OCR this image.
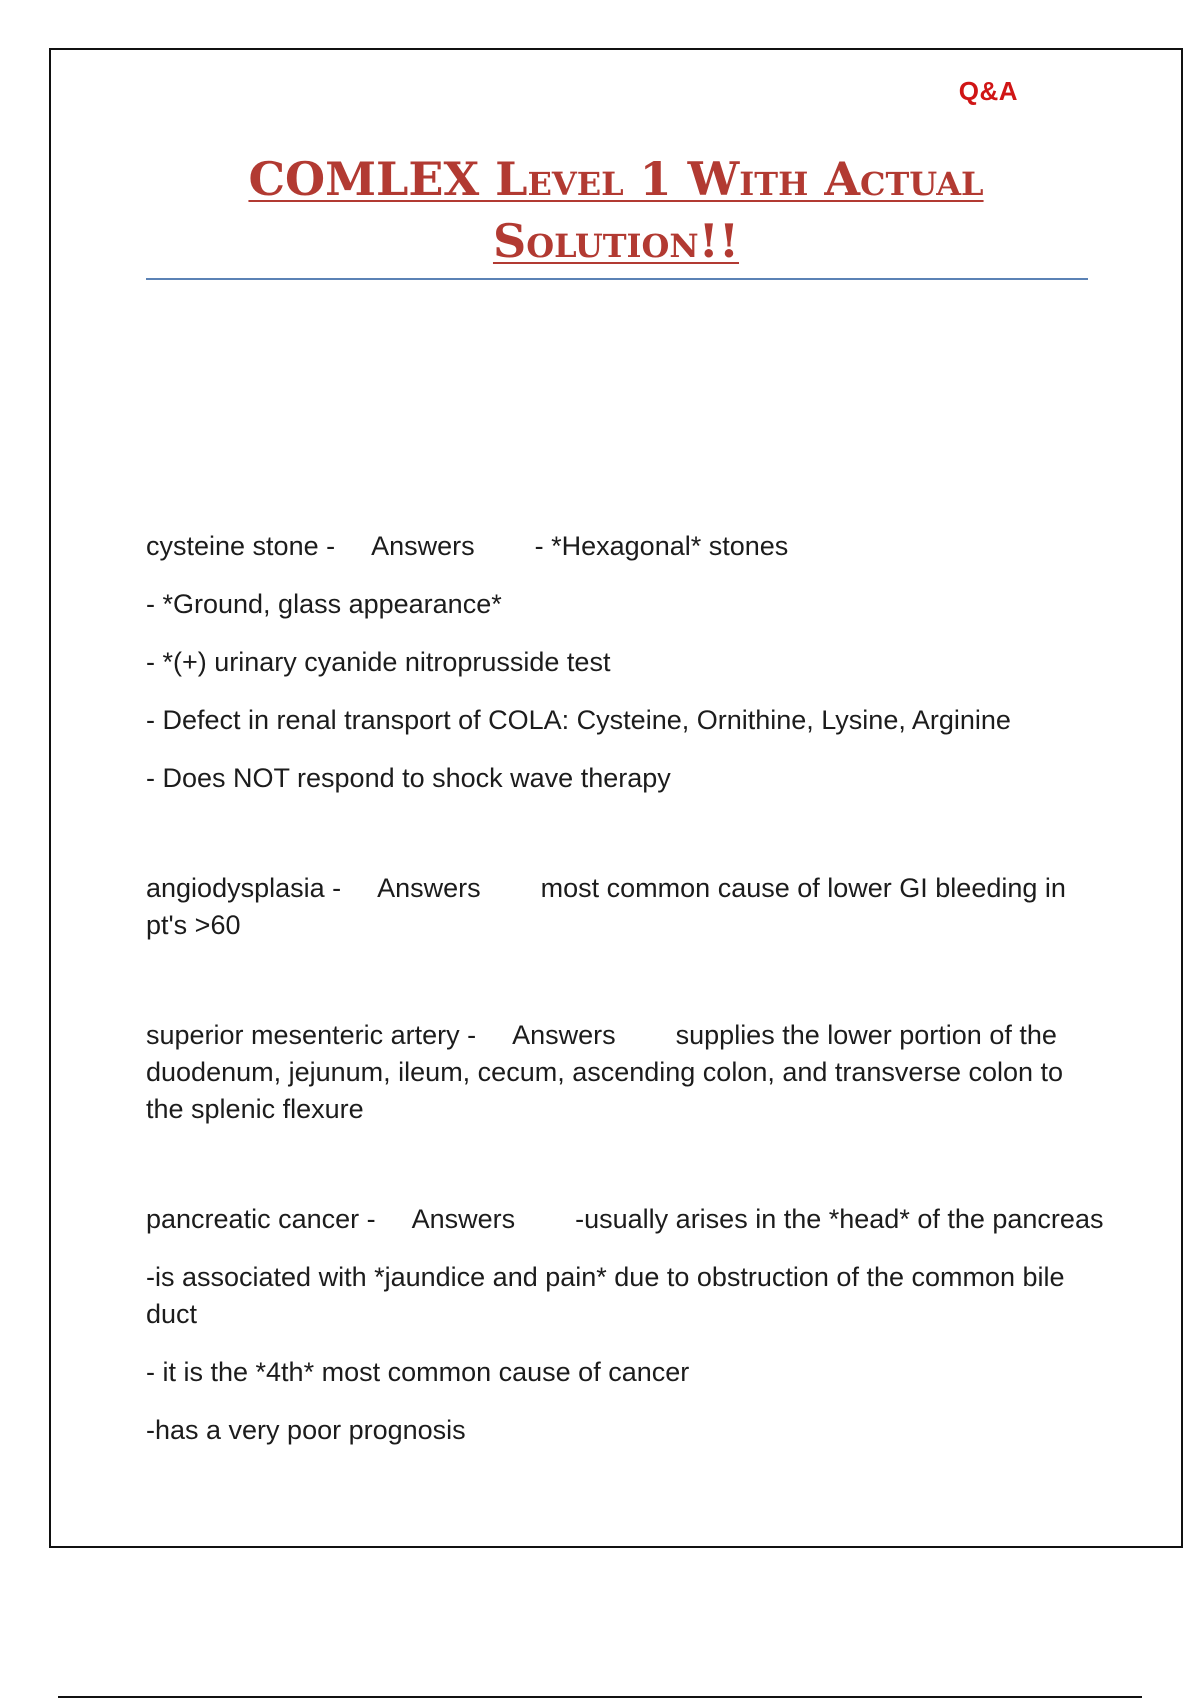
Q&A
COMLEX Level 1 With Actual
Solution!!

cysteine stone - Answers - *Hexagonal* stones

- *Ground, glass appearance*

- *(+) urinary cyanide nitroprusside test

- Defect in renal transport of COLA: Cysteine, Ornithine, Lysine, Arginine

- Does NOT respond to shock wave therapy

angiodysplasia - Answers most common cause of lower GI bleeding in pt's >60

superior mesenteric artery - Answers supplies the lower portion of the duodenum, jejunum, ileum, cecum, ascending colon, and transverse colon to the splenic flexure

pancreatic cancer - Answers -usually arises in the *head* of the pancreas

-is associated with *jaundice and pain* due to obstruction of the common bile duct

- it is the *4th* most common cause of cancer

-has a very poor prognosis
